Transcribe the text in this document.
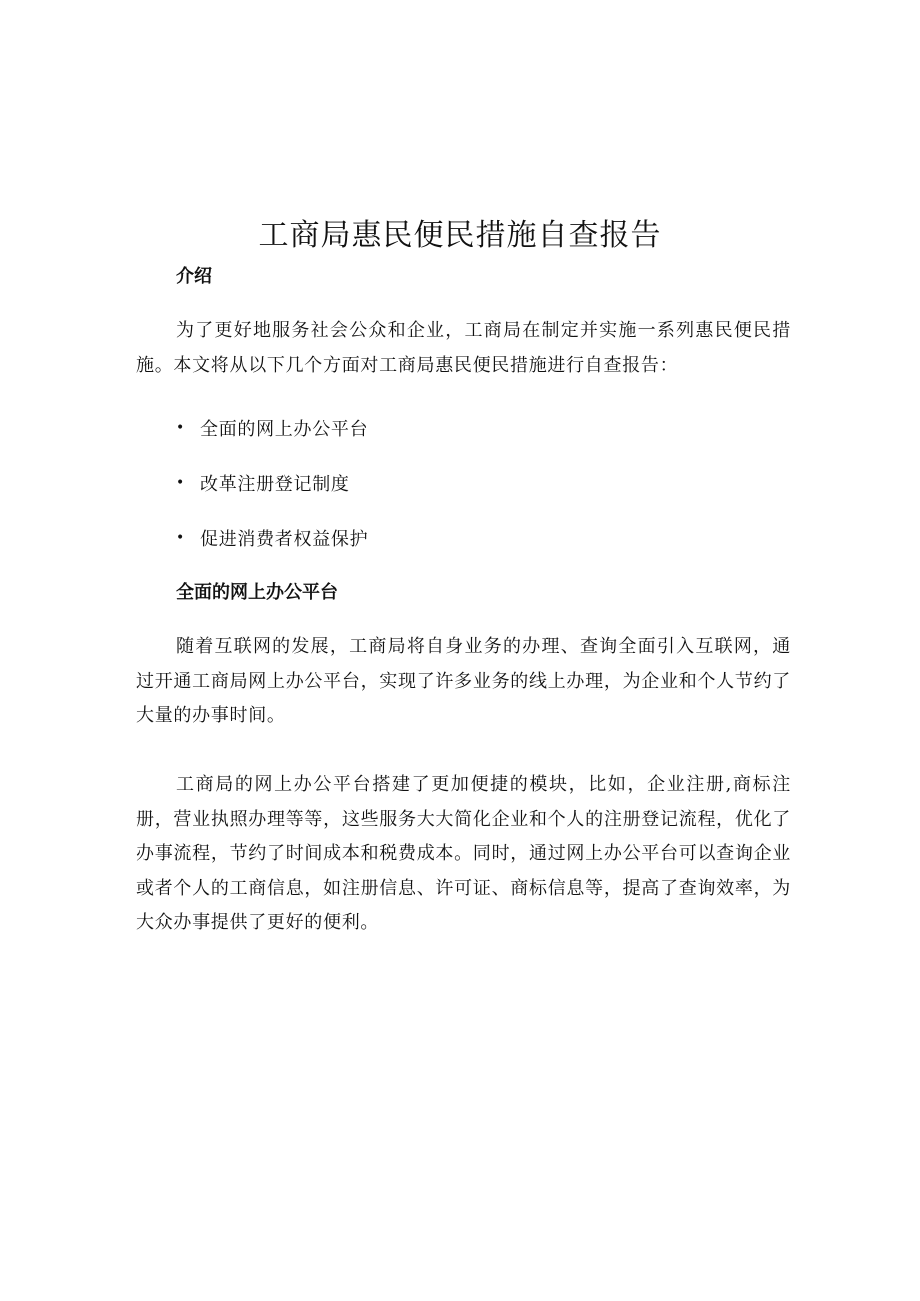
工商局惠民便民措施自查报告
介绍

为了更好地服务社会公众和企业，工商局在制定并实施一系列惠民便民措施。本文将从以下几个方面对工商局惠民便民措施进行自查报告：

• 全面的网上办公平台
• 改革注册登记制度
• 促进消费者权益保护
全面的网上办公平台

随着互联网的发展，工商局将自身业务的办理、查询全面引入互联网，通过开通工商局网上办公平台，实现了许多业务的线上办理，为企业和个人节约了大量的办事时间。

工商局的网上办公平台搭建了更加便捷的模块，比如，企业注册,商标注册，营业执照办理等等，这些服务大大简化企业和个人的注册登记流程，优化了办事流程，节约了时间成本和税费成本。同时，通过网上办公平台可以查询企业或者个人的工商信息，如注册信息、许可证、商标信息等，提高了查询效率，为大众办事提供了更好的便利。
